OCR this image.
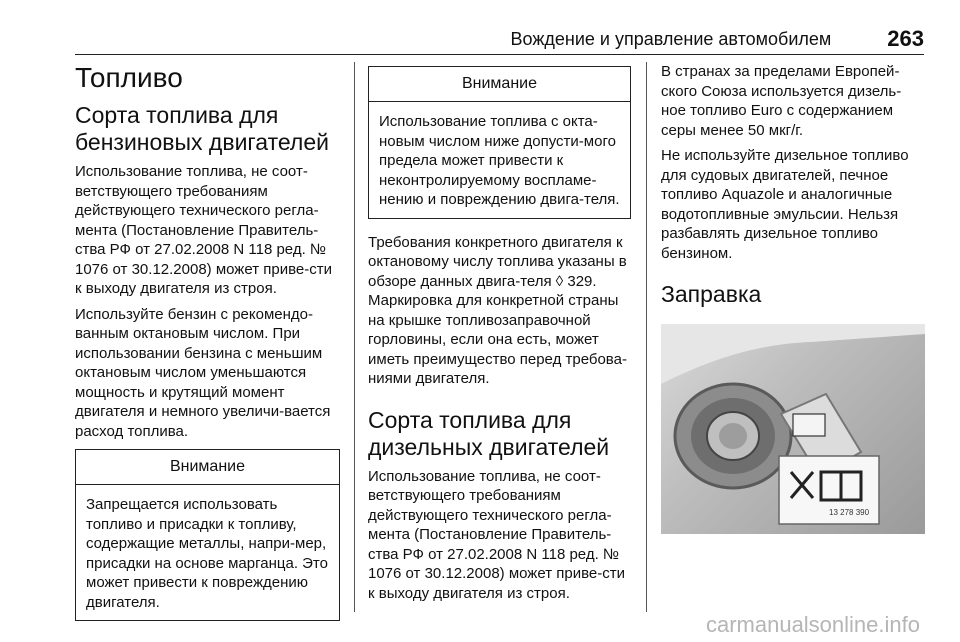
Вождение и управление автомобилем	263
Топливо
Сорта топлива для бензиновых двигателей

Использование топлива, не соот-ветствующего требованиям действующего технического регла-мента (Постановление Правитель-ства РФ от 27.02.2008 N 118 ред. № 1076 от 30.12.2008) может приве-сти к выходу двигателя из строя.

Используйте бензин с рекомендо-ванным октановым числом. При использовании бензина с меньшим октановым числом уменьшаются мощность и крутящий момент двигателя и немного увеличи-вается расход топлива.

Внимание
Запрещается использовать топливо и присадки к топливу, содержащие металлы, напри-мер, присадки на основе марганца. Это может привести к повреждению двигателя.
Внимание
Использование топлива с окта-новым числом ниже допусти-мого предела может привести к неконтролируемому воспламе-нению и повреждению двига-теля.

Требования конкретного двигателя к октановому числу топлива указаны в обзоре данных двига-теля ◊ 329. Маркировка для конкретной страны на крышке топливозаправочной горловины, если она есть, может иметь преимущество перед требова-ниями двигателя.

Сорта топлива для дизельных двигателей

Использование топлива, не соот-ветствующего требованиям действующего технического регла-мента (Постановление Правитель-ства РФ от 27.02.2008 N 118 ред. № 1076 от 30.12.2008) может приве-сти к выходу двигателя из строя.

В странах за пределами Европей-ского Союза используется дизель-ное топливо Euro с содержанием серы менее 50 мкг/г.

Не используйте дизельное топливо для судовых двигателей, печное топливо Aquazole и аналогичные водотопливные эмульсии. Нельзя разбавлять дизельное топливо бензином.

Заправка
13 278 390
carmanualsonline.info
